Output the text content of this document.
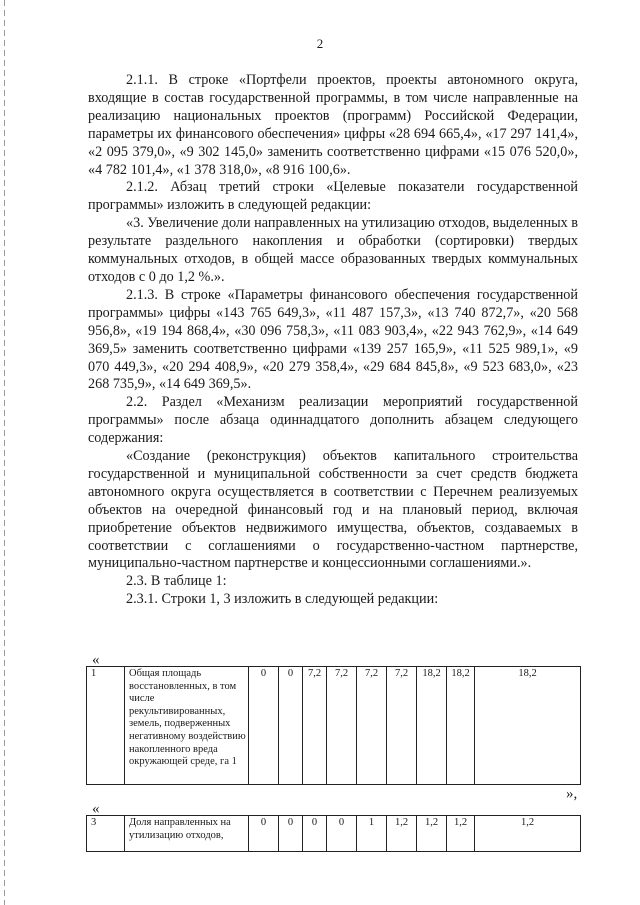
2

2.1.1. В строке «Портфели проектов, проекты автономного округа, входящие в состав государственной программы, в том числе направленные на реализацию национальных проектов (программ) Российской Федерации, параметры их финансового обеспечения» цифры «28 694 665,4», «17 297 141,4», «2 095 379,0», «9 302 145,0» заменить соответственно цифрами «15 076 520,0», «4 782 101,4», «1 378 318,0», «8 916 100,6».

2.1.2. Абзац третий строки «Целевые показатели государственной программы» изложить в следующей редакции:

«3. Увеличение доли направленных на утилизацию отходов, выделенных в результате раздельного накопления и обработки (сортировки) твердых коммунальных отходов, в общей массе образованных твердых коммунальных отходов с 0 до 1,2 %.».

2.1.3. В строке «Параметры финансового обеспечения государственной программы» цифры «143 765 649,3», «11 487 157,3», «13 740 872,7», «20 568 956,8», «19 194 868,4», «30 096 758,3», «11 083 903,4», «22 943 762,9», «14 649 369,5» заменить соответственно цифрами «139 257 165,9», «11 525 989,1», «9 070 449,3», «20 294 408,9», «20 279 358,4», «29 684 845,8», «9 523 683,0», «23 268 735,9», «14 649 369,5».

2.2. Раздел «Механизм реализации мероприятий государственной программы» после абзаца одиннадцатого дополнить абзацем следующего содержания:

«Создание (реконструкция) объектов капитального строительства государственной и муниципальной собственности за счет средств бюджета автономного округа осуществляется в соответствии с Перечнем реализуемых объектов на очередной финансовый год и на плановый период, включая приобретение объектов недвижимого имущества, объектов, создаваемых в соответствии с соглашениями о государственно-частном партнерстве, муниципально-частном партнерстве и концессионными соглашениями.».

2.3. В таблице 1:

2.3.1. Строки 1, 3 изложить в следующей редакции:

«
1	Общая площадь восстановленных, в том числе рекультивированных, земель, подверженных негативному воздействию накопленного вреда окружающей среде, га 1	0	0	7,2	7,2	7,2	7,2	18,2	18,2	18,2
»,
«
3	Доля направленных на утилизацию отходов,	0	0	0	0	1	1,2	1,2	1,2	1,2
